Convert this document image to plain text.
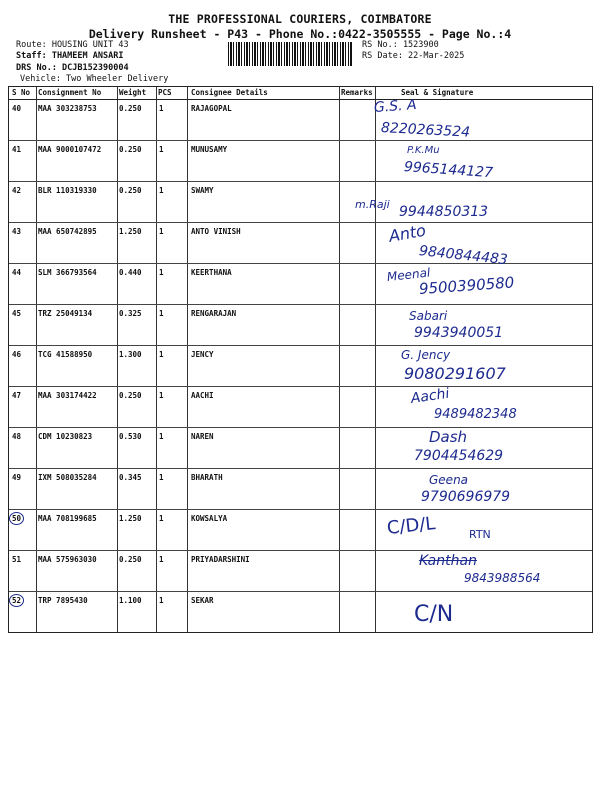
THE PROFESSIONAL COURIERS, COIMBATORE
Delivery Runsheet - P43 - Phone No.:0422-3505555 - Page No.:4
Route: HOUSING UNIT 43
Staff: THAMEEM ANSARI
DRS No.: DCJB152390004
Vehicle: Two Wheeler Delivery
RS No.: 1523900
RS Date: 22-Mar-2025
S No Consignment No Weight PCS	Consignee Details	Remarks	Seal & Signature
40 MAA 303238753	0.250 1	RAJAGOPAL	G.S. A
8220263524
41 MAA 9000107472 0.250 1	MUNUSAMY	P.K.Mu
9965144127
42 BLR 110319330	0.250 1	SWAMY
m.Raji 9944850313
43 MAA 650742895	1.250 1	ANTO VINISH	Anto
9840844483
44 SLM 366793564	0.440 1	KEERTHANA	Meenal
9500390580
45 TRZ 25049134	0.325 1	RENGARAJAN	Sabari
9943940051
46 TCG 41588950	1.300 1	JENCY	G. Jency
9080291607
47 MAA 303174422	0.250 1	AACHI	Aachi
9489482348
48 CDM 10230823	0.530 1	NAREN	Dash
7904454629
49 IXM 508035284	0.345 1	BHARATH	Geena
9790696979
50	MAA 708199685	1.250 1	KOWSALYA	C/D/L	RTN
51 MAA 575963030	0.250 1	PRIYADARSHINI	Kanthan
9843988564
52	TRP 7895430	1.100 1	SEKAR
C/N
